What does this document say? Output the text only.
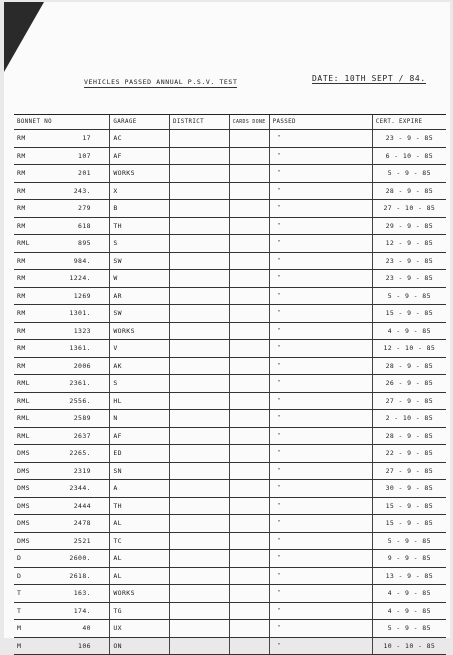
VEHICLES PASSED ANNUAL P.S.V. TEST	DATE: 10TH SEPT / 84.
BONNET NO	GARAGE	DISTRICT	CARDS DONE	PASSED	CERT. EXPIRE
RM 17	AC			"	23 - 9 - 85
RM 107	AF			"	6 - 10 - 85
RM 201	WORKS			"	5 - 9 - 85
RM 243.	X			"	28 - 9 - 85
RM 279	B			"	27 - 10 - 85
RM 618	TH			"	29 - 9 - 85
RML 895	S			"	12 - 9 - 85
RM 984.	SW			"	23 - 9 - 85
RM 1224.	W			"	23 - 9 - 85
RM 1269	AR			"	5 - 9 - 85
RM 1301.	SW			"	15 - 9 - 85
RM 1323	WORKS			"	4 - 9 - 85
RM 1361.	V			"	12 - 10 - 85
RM 2006	AK			"	28 - 9 - 85
RML 2361.	S			"	26 - 9 - 85
RML 2556.	HL			"	27 - 9 - 85
RML 2589	N			"	2 - 10 - 85
RML 2637	AF			"	28 - 9 - 85
DMS 2265.	ED			"	22 - 9 - 85
DMS 2319	SN			"	27 - 9 - 85
DMS 2344.	A			"	30 - 9 - 85
DMS 2444	TH			"	15 - 9 - 85
DMS 2478	AL			"	15 - 9 - 85
DMS 2521	TC			"	5 - 9 - 85
D 2600.	AL			"	9 - 9 - 85
D 2618.	AL			"	13 - 9 - 85
T 163.	WORKS			"	4 - 9 - 85
T 174.	TG			"	4 - 9 - 85
M 40	UX			"	5 - 9 - 85
M 106	ON			"	10 - 10 - 85
